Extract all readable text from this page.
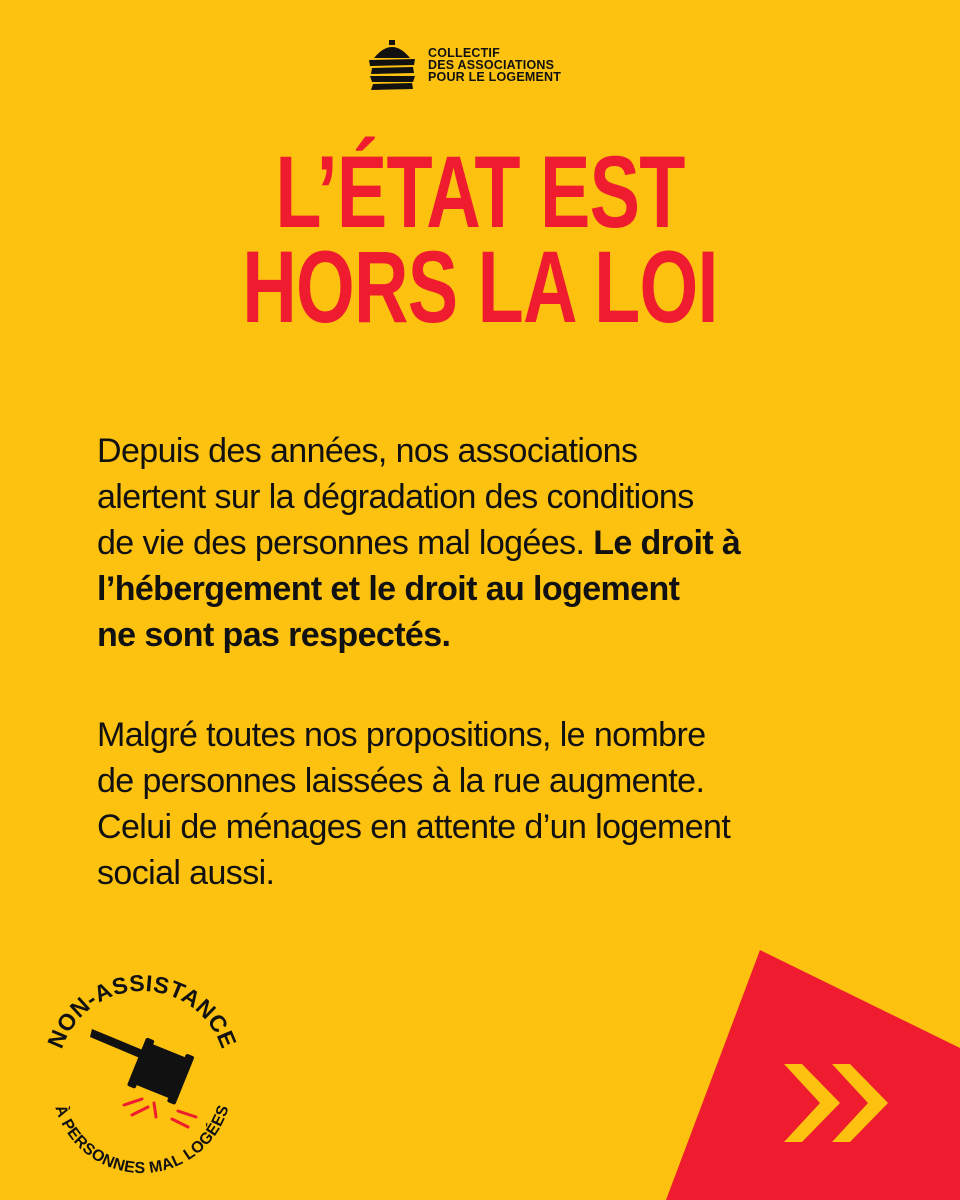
COLLECTIF
DES ASSOCIATIONS
POUR LE LOGEMENT
L’ÉTAT EST
HORS LA LOI

Depuis des années, nos associations
alertent sur la dégradation des conditions
de vie des personnes mal logées. Le droit à
l’hébergement et le droit au logement
ne sont pas respectés.

Malgré toutes nos propositions, le nombre
de personnes laissées à la rue augmente.
Celui de ménages en attente d’un logement
social aussi.

NON-ASSISTANCE
À PERSONNES MAL LOGÉES
